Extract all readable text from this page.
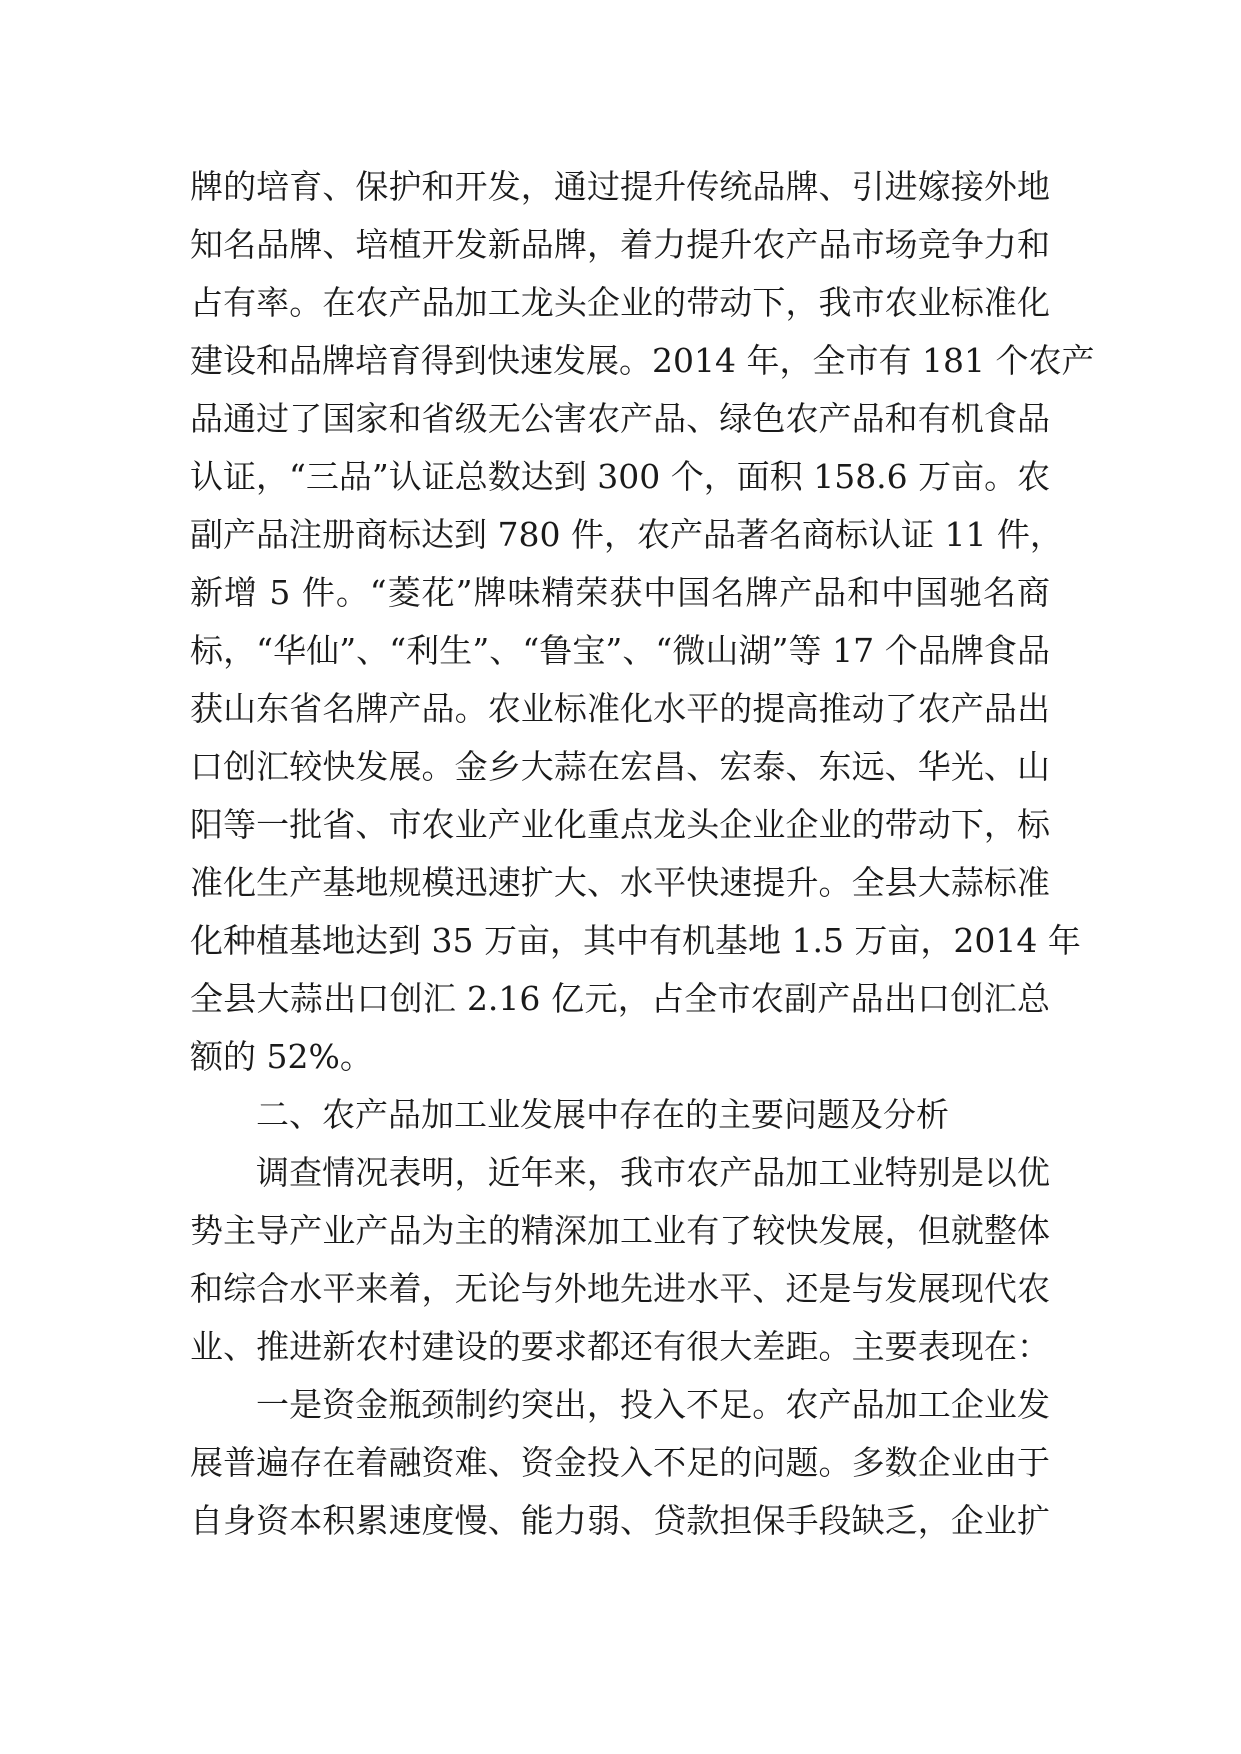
牌的培育、保护和开发，通过提升传统品牌、引进嫁接外地
知名品牌、培植开发新品牌，着力提升农产品市场竞争力和
占有率。在农产品加工龙头企业的带动下，我市农业标准化
建设和品牌培育得到快速发展。2014 年，全市有 181 个农产
品通过了国家和省级无公害农产品、绿色农产品和有机食品
认证，“三品”认证总数达到 300 个，面积 158.6 万亩。农
副产品注册商标达到 780 件，农产品著名商标认证 11 件，
新增 5 件。“菱花”牌味精荣获中国名牌产品和中国驰名商
标，“华仙”、“利生”、“鲁宝”、“微山湖”等 17 个品牌食品
获山东省名牌产品。农业标准化水平的提高推动了农产品出
口创汇较快发展。金乡大蒜在宏昌、宏泰、东远、华光、山
阳等一批省、市农业产业化重点龙头企业企业的带动下，标
准化生产基地规模迅速扩大、水平快速提升。全县大蒜标准
化种植基地达到 35 万亩，其中有机基地 1.5 万亩，2014 年
全县大蒜出口创汇 2.16 亿元，占全市农副产品出口创汇总
额的 52%。
二、农产品加工业发展中存在的主要问题及分析
调查情况表明，近年来，我市农产品加工业特别是以优
势主导产业产品为主的精深加工业有了较快发展，但就整体
和综合水平来着，无论与外地先进水平、还是与发展现代农
业、推进新农村建设的要求都还有很大差距。主要表现在：
一是资金瓶颈制约突出，投入不足。农产品加工企业发
展普遍存在着融资难、资金投入不足的问题。多数企业由于
自身资本积累速度慢、能力弱、贷款担保手段缺乏，企业扩
